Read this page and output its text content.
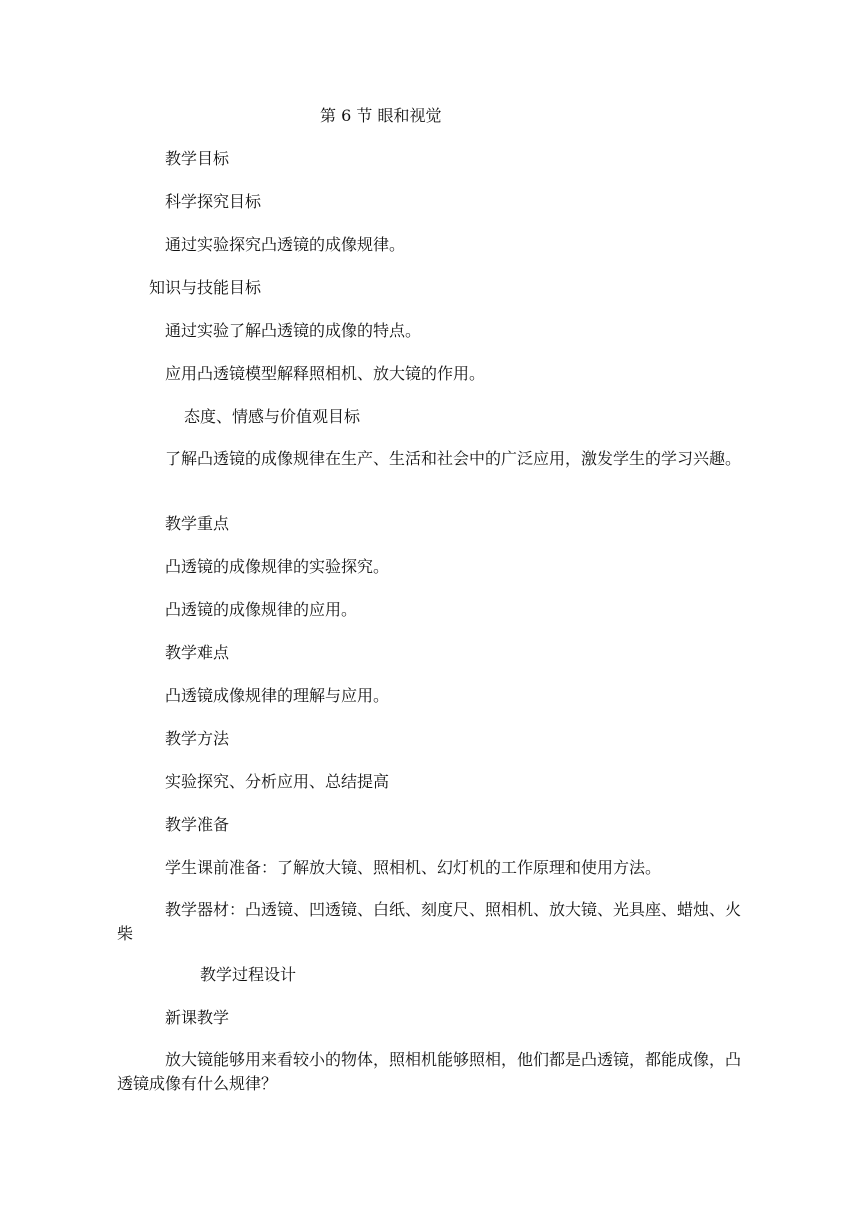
第 6 节 眼和视觉
教学目标
科学探究目标
通过实验探究凸透镜的成像规律。
知识与技能目标
通过实验了解凸透镜的成像的特点。
应用凸透镜模型解释照相机、放大镜的作用。
态度、情感与价值观目标
了解凸透镜的成像规律在生产、生活和社会中的广泛应用，激发学生的学习兴趣。
教学重点
凸透镜的成像规律的实验探究。
凸透镜的成像规律的应用。
教学难点
凸透镜成像规律的理解与应用。
教学方法
实验探究、分析应用、总结提高
教学准备
学生课前准备：了解放大镜、照相机、幻灯机的工作原理和使用方法。
教学器材：凸透镜、凹透镜、白纸、刻度尺、照相机、放大镜、光具座、蜡烛、火柴
教学过程设计
新课教学
放大镜能够用来看较小的物体，照相机能够照相，他们都是凸透镜，都能成像，凸透镜成像有什么规律？
